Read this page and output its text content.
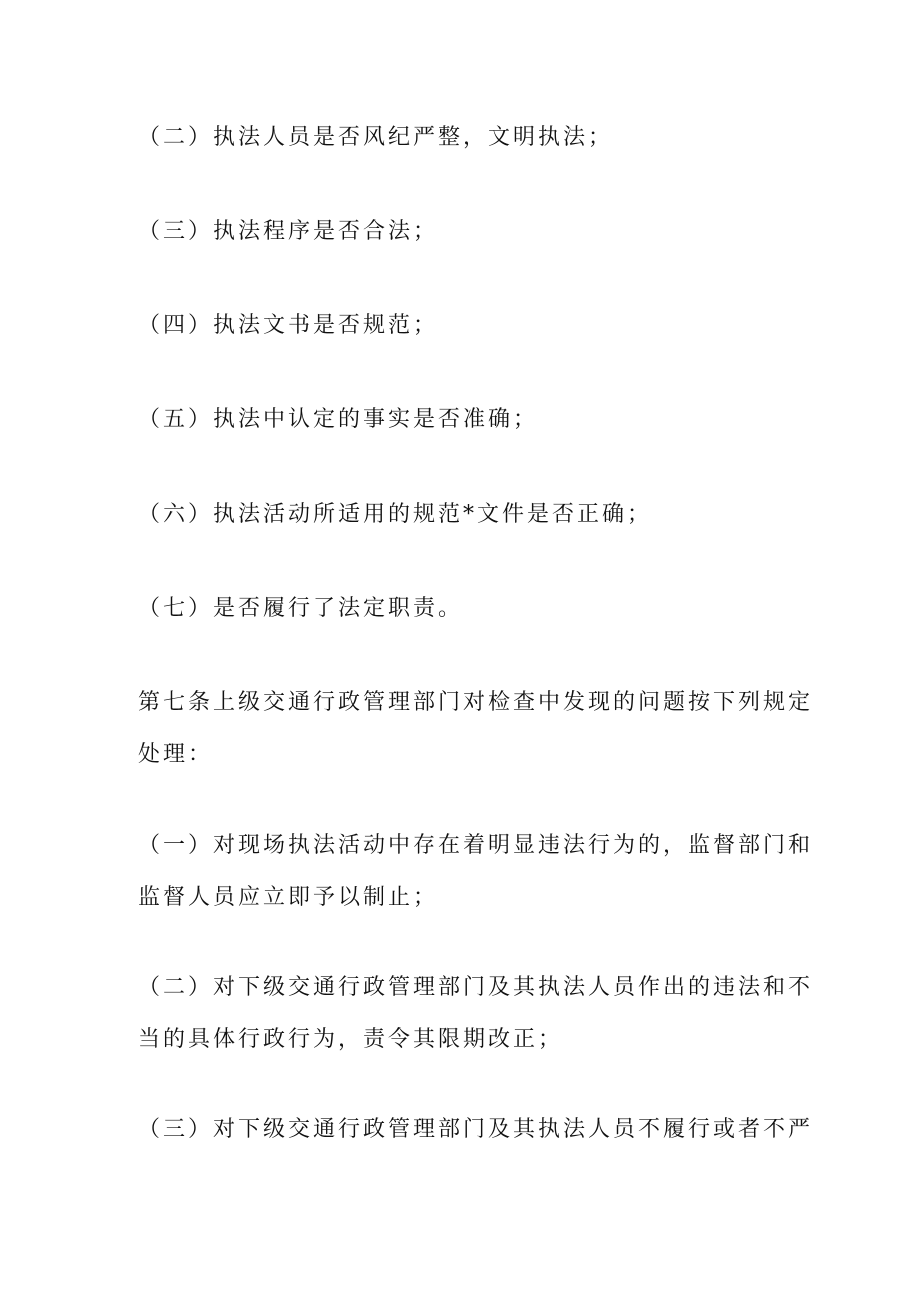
（二）执法人员是否风纪严整，文明执法；

（三）执法程序是否合法；

（四）执法文书是否规范；

（五）执法中认定的事实是否准确；

（六）执法活动所适用的规范*文件是否正确；

（七）是否履行了法定职责。

第七条上级交通行政管理部门对检查中发现的问题按下列规定
处理：

（一）对现场执法活动中存在着明显违法行为的，监督部门和
监督人员应立即予以制止；

（二）对下级交通行政管理部门及其执法人员作出的违法和不
当的具体行政行为，责令其限期改正；

（三）对下级交通行政管理部门及其执法人员不履行或者不严
